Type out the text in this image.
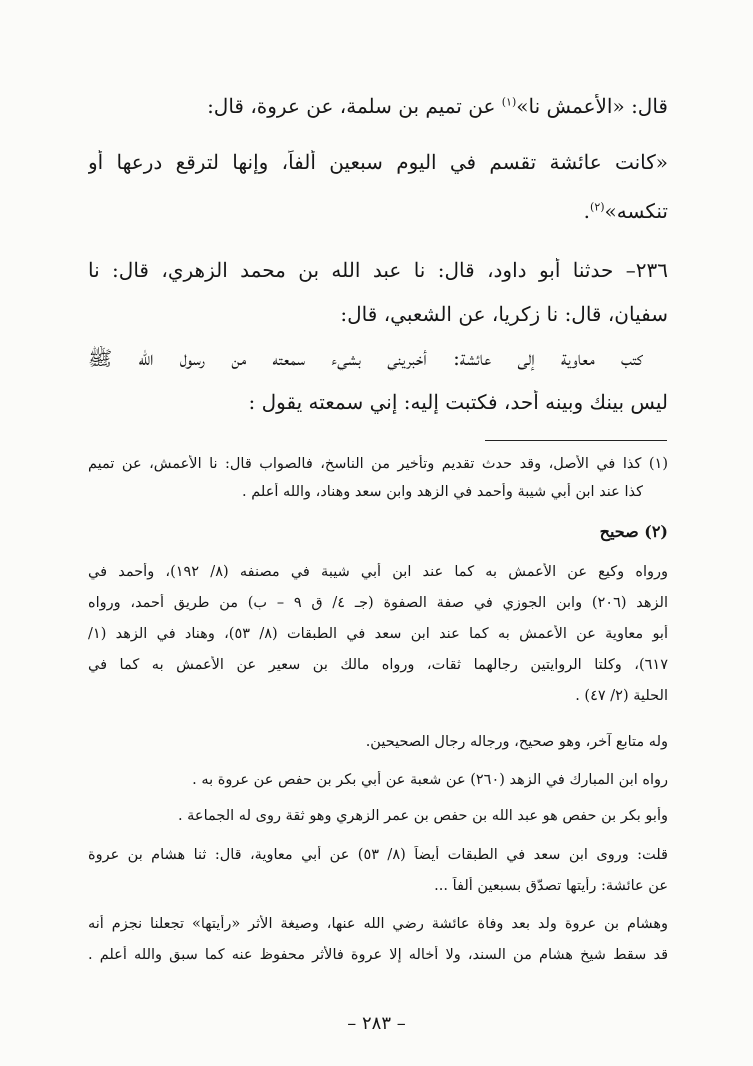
قال: «الأعمش نا»$^{(١)}$ عن تميم بن سلمة، عن عروة، قال:
«كانت عائشة تقسم في اليوم سبعين ألفاً، وإنها لترقع درعها أو
تنكسه»$^{(٢)}$.
٢٣٦– حدثنا أبو داود، قال: نا عبد الله بن محمد الزهري، قال: نا
سفيان، قال: نا زكريا، عن الشعبي، قال:
كتب معاوية إلى عائشة: أخبريني بشيء سمعته من رسول الله ﷺ
ليس بينك وبينه أحد، فكتبت إليه: إني سمعته يقول :
(١) كذا في الأصل، وقد حدث تقديم وتأخير من الناسخ، فالصواب قال: نا الأعمش، عن تميم
كذا عند ابن أبي شيبة وأحمد في الزهد وابن سعد وهناد، والله أعلم .
(٢) صحيح
ورواه وكيع عن الأعمش به كما عند ابن أبي شيبة في مصنفه (٨/ ١٩٢)، وأحمد في
الزهد (٢٠٦) وابن الجوزي في صفة الصفوة (جـ ٤/ ق ٩ – ب) من طريق أحمد، ورواه
أبو معاوية عن الأعمش به كما عند ابن سعد في الطبقات (٨/ ٥٣)، وهناد في الزهد (١/
٦١٧)، وكلتا الروايتين رجالهما ثقات، ورواه مالك بن سعير عن الأعمش به كما في
الحلية (٢/ ٤٧) .
وله متابع آخر، وهو صحيح، ورجاله رجال الصحيحين.
رواه ابن المبارك في الزهد (٢٦٠) عن شعبة عن أبي بكر بن حفص عن عروة به .
وأبو بكر بن حفص هو عبد الله بن حفص بن عمر الزهري وهو ثقة روى له الجماعة .
قلت: وروى ابن سعد في الطبقات أيضاً (٨/ ٥٣) عن أبي معاوية، قال: ثنا هشام بن عروة
عن عائشة: رأيتها تصدّق بسبعين ألفاً ...
وهشام بن عروة ولد بعد وفاة عائشة رضي الله عنها، وصيغة الأثر «رأيتها» تجعلنا نجزم أنه
قد سقط شيخ هشام من السند، ولا أخاله إلا عروة فالأثر محفوظ عنه كما سبق والله أعلم .
– ٢٨٣ –
